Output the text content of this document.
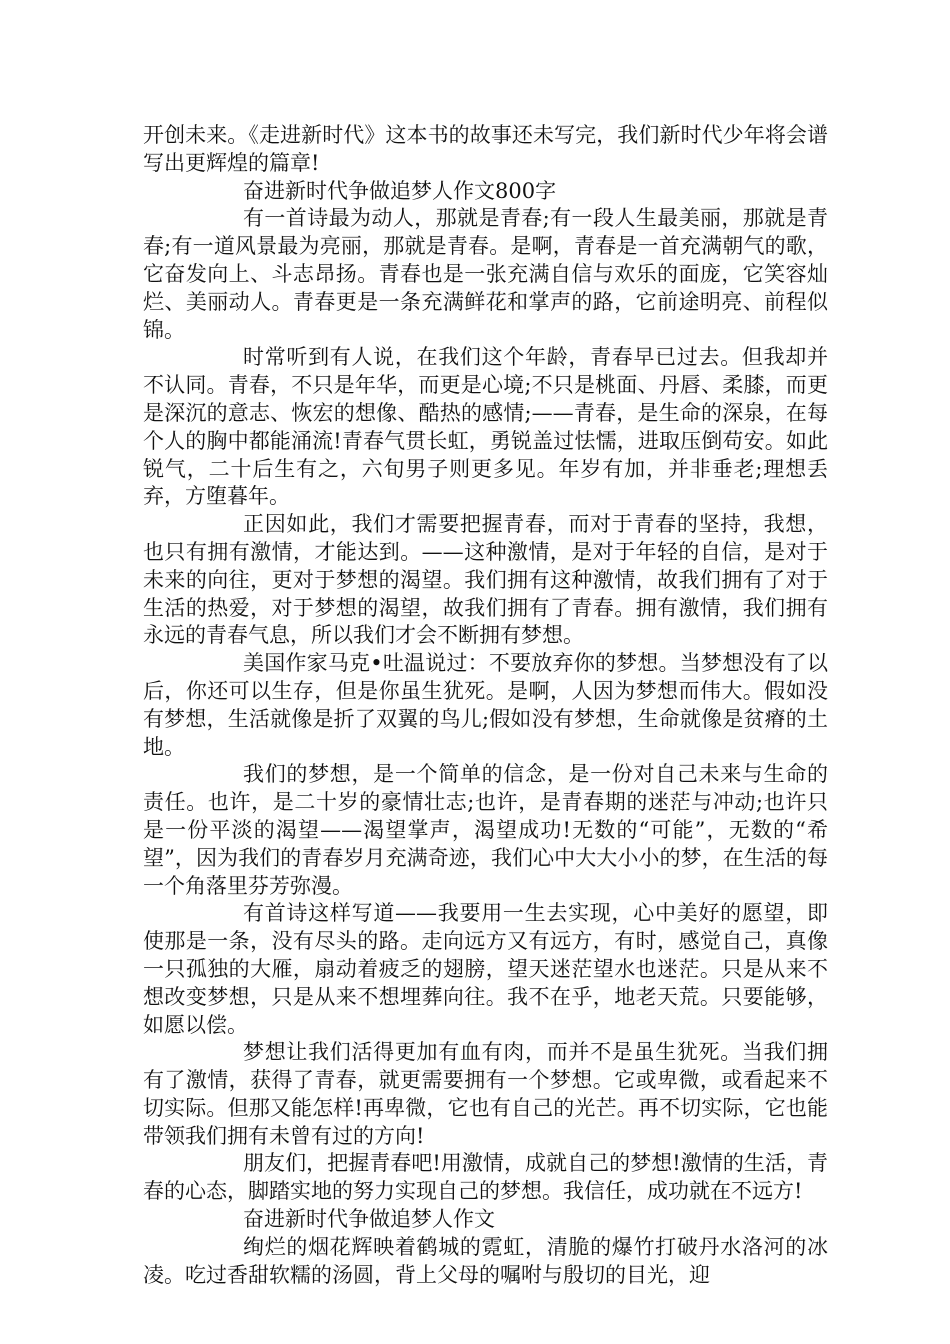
开创未来。《走进新时代》这本书的故事还未写完，我们新时代少年将会谱写出更辉煌的篇章!

奋进新时代争做追梦人作文800字

有一首诗最为动人，那就是青春;有一段人生最美丽，那就是青春;有一道风景最为亮丽，那就是青春。是啊，青春是一首充满朝气的歌，它奋发向上、斗志昂扬。青春也是一张充满自信与欢乐的面庞，它笑容灿烂、美丽动人。青春更是一条充满鲜花和掌声的路，它前途明亮、前程似锦。

时常听到有人说，在我们这个年龄，青春早已过去。但我却并不认同。青春，不只是年华，而更是心境;不只是桃面、丹唇、柔膝，而更是深沉的意志、恢宏的想像、酷热的感情;——青春，是生命的深泉，在每个人的胸中都能涌流!青春气贯长虹，勇锐盖过怯懦，进取压倒苟安。如此锐气，二十后生有之，六旬男子则更多见。年岁有加，并非垂老;理想丢弃，方堕暮年。

正因如此，我们才需要把握青春，而对于青春的坚持，我想，也只有拥有激情，才能达到。——这种激情，是对于年轻的自信，是对于未来的向往，更对于梦想的渴望。我们拥有这种激情，故我们拥有了对于生活的热爱，对于梦想的渴望，故我们拥有了青春。拥有激情，我们拥有永远的青春气息，所以我们才会不断拥有梦想。

美国作家马克•吐温说过：不要放弃你的梦想。当梦想没有了以后，你还可以生存，但是你虽生犹死。是啊，人因为梦想而伟大。假如没有梦想，生活就像是折了双翼的鸟儿;假如没有梦想，生命就像是贫瘠的土地。

我们的梦想，是一个简单的信念，是一份对自己未来与生命的责任。也许，是二十岁的豪情壮志;也许，是青春期的迷茫与冲动;也许只是一份平淡的渴望——渴望掌声，渴望成功!无数的“可能”，无数的“希望”，因为我们的青春岁月充满奇迹，我们心中大大小小的梦，在生活的每一个角落里芬芳弥漫。

有首诗这样写道——我要用一生去实现，心中美好的愿望，即使那是一条，没有尽头的路。走向远方又有远方，有时，感觉自己，真像一只孤独的大雁，扇动着疲乏的翅膀，望天迷茫望水也迷茫。只是从来不想改变梦想，只是从来不想埋葬向往。我不在乎，地老天荒。只要能够，如愿以偿。

梦想让我们活得更加有血有肉，而并不是虽生犹死。当我们拥有了激情，获得了青春，就更需要拥有一个梦想。它或卑微，或看起来不切实际。但那又能怎样!再卑微，它也有自己的光芒。再不切实际，它也能带领我们拥有未曾有过的方向!

朋友们，把握青春吧!用激情，成就自己的梦想!激情的生活，青春的心态，脚踏实地的努力实现自己的梦想。我信任，成功就在不远方!

奋进新时代争做追梦人作文

绚烂的烟花辉映着鹤城的霓虹，清脆的爆竹打破丹水洛河的冰凌。吃过香甜软糯的汤圆，背上父母的嘱咐与殷切的目光，迎
